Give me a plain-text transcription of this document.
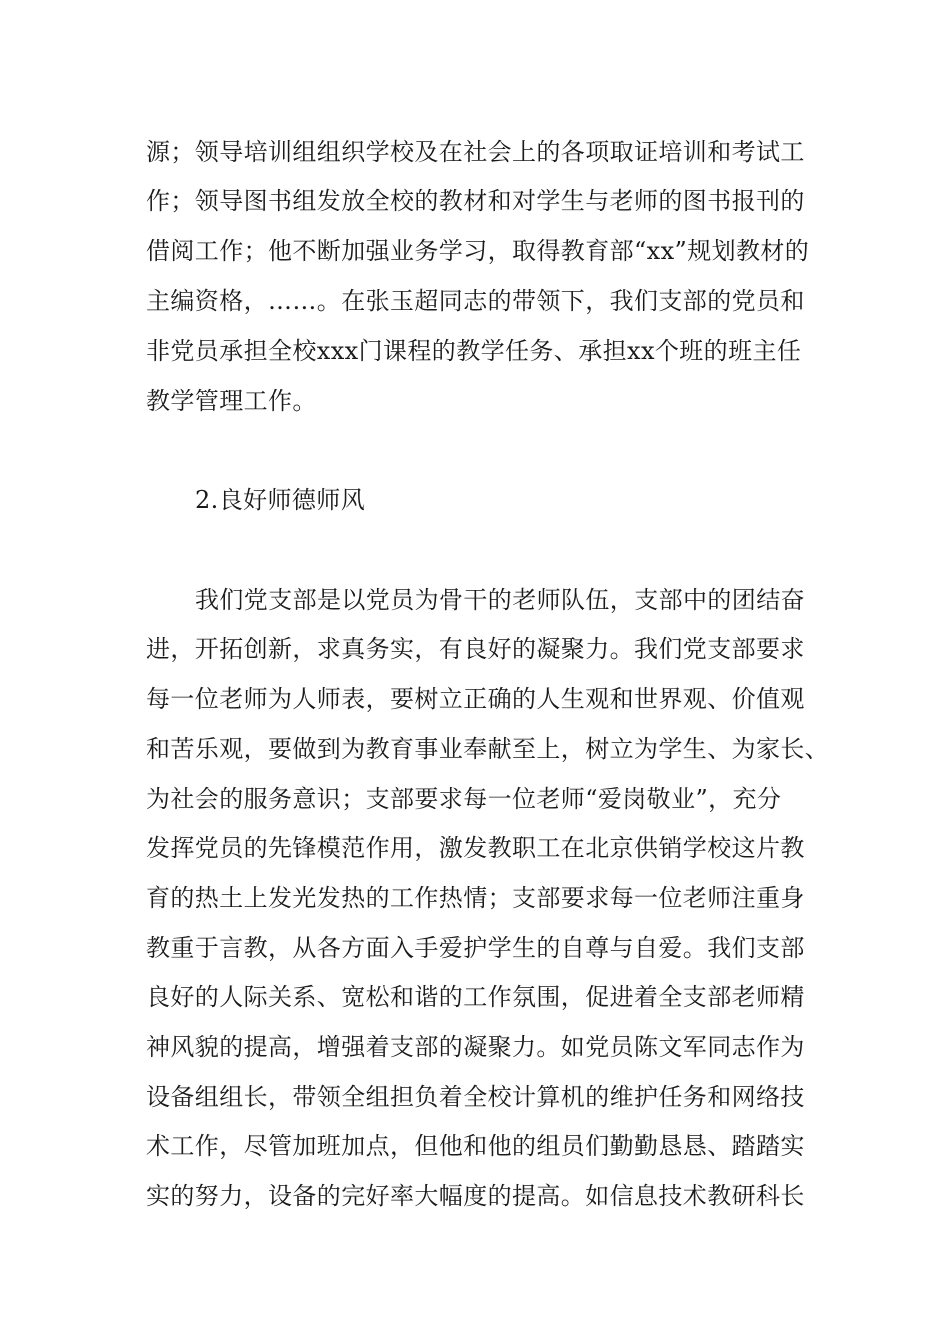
源；领导培训组组织学校及在社会上的各项取证培训和考试工
作；领导图书组发放全校的教材和对学生与老师的图书报刊的
借阅工作；他不断加强业务学习，取得教育部“xx”规划教材的
主编资格，……。在张玉超同志的带领下，我们支部的党员和
非党员承担全校xxx门课程的教学任务、承担xx个班的班主任
教学管理工作。
2.良好师德师风
我们党支部是以党员为骨干的老师队伍，支部中的团结奋
进，开拓创新，求真务实，有良好的凝聚力。我们党支部要求
每一位老师为人师表，要树立正确的人生观和世界观、价值观
和苦乐观，要做到为教育事业奉献至上，树立为学生、为家长、
为社会的服务意识；支部要求每一位老师“爱岗敬业”，充分
发挥党员的先锋模范作用，激发教职工在北京供销学校这片教
育的热土上发光发热的工作热情；支部要求每一位老师注重身
教重于言教，从各方面入手爱护学生的自尊与自爱。我们支部
良好的人际关系、宽松和谐的工作氛围，促进着全支部老师精
神风貌的提高，增强着支部的凝聚力。如党员陈文军同志作为
设备组组长，带领全组担负着全校计算机的维护任务和网络技
术工作，尽管加班加点，但他和他的组员们勤勤恳恳、踏踏实
实的努力，设备的完好率大幅度的提高。如信息技术教研科长
